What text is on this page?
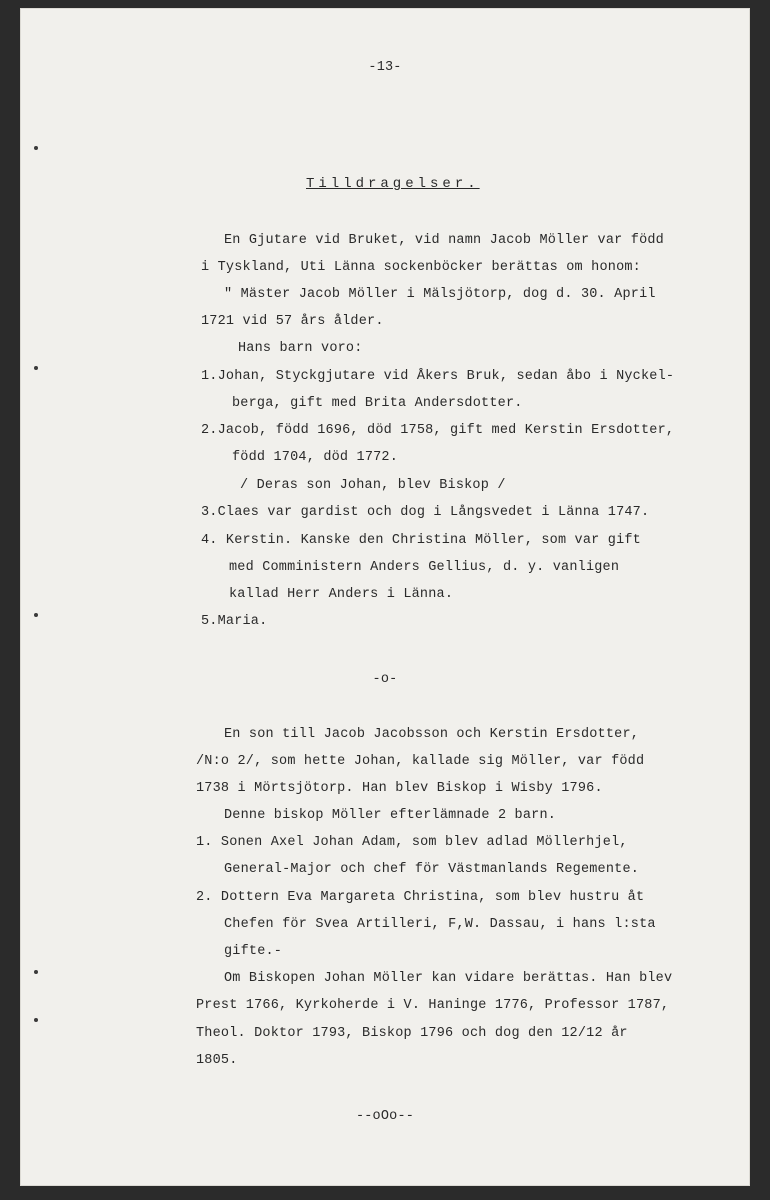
-13-
Tilldragelser.
En Gjutare vid Bruket, vid namn Jacob Möller var född
i Tyskland, Uti Länna sockenböcker berättas om honom:
" Mäster Jacob Möller i Mälsjötorp, dog d. 30. April
1721 vid 57 års ålder.
Hans barn voro:
1.Johan, Styckgjutare vid Åkers Bruk, sedan åbo i Nyckel-
berga, gift med Brita Andersdotter.
2.Jacob, född 1696, död 1758, gift med Kerstin Ersdotter,
född 1704, död 1772.
/ Deras son Johan, blev Biskop /
3.Claes var gardist och dog i Långsvedet i Länna 1747.
4. Kerstin. Kanske den Christina Möller, som var gift
med Comministern Anders Gellius, d. y. vanligen
kallad Herr Anders i Länna.
5.Maria.
-o-
En son till Jacob Jacobsson och Kerstin Ersdotter,
/N:o 2/, som hette Johan, kallade sig Möller, var född
1738 i Mörtsjötorp. Han blev Biskop i Wisby 1796.
Denne biskop Möller efterlämnade 2 barn.
1. Sonen Axel Johan Adam, som blev adlad Möllerhjel,
General-Major och chef för Västmanlands Regemente.
2. Dottern Eva Margareta Christina, som blev hustru åt
Chefen för Svea Artilleri, F,W. Dassau, i hans l:sta
gifte.-
Om Biskopen Johan Möller kan vidare berättas. Han blev
Prest 1766, Kyrkoherde i V. Haninge 1776, Professor 1787,
Theol. Doktor 1793, Biskop 1796 och dog den 12/12 år
1805.
--oOo--
